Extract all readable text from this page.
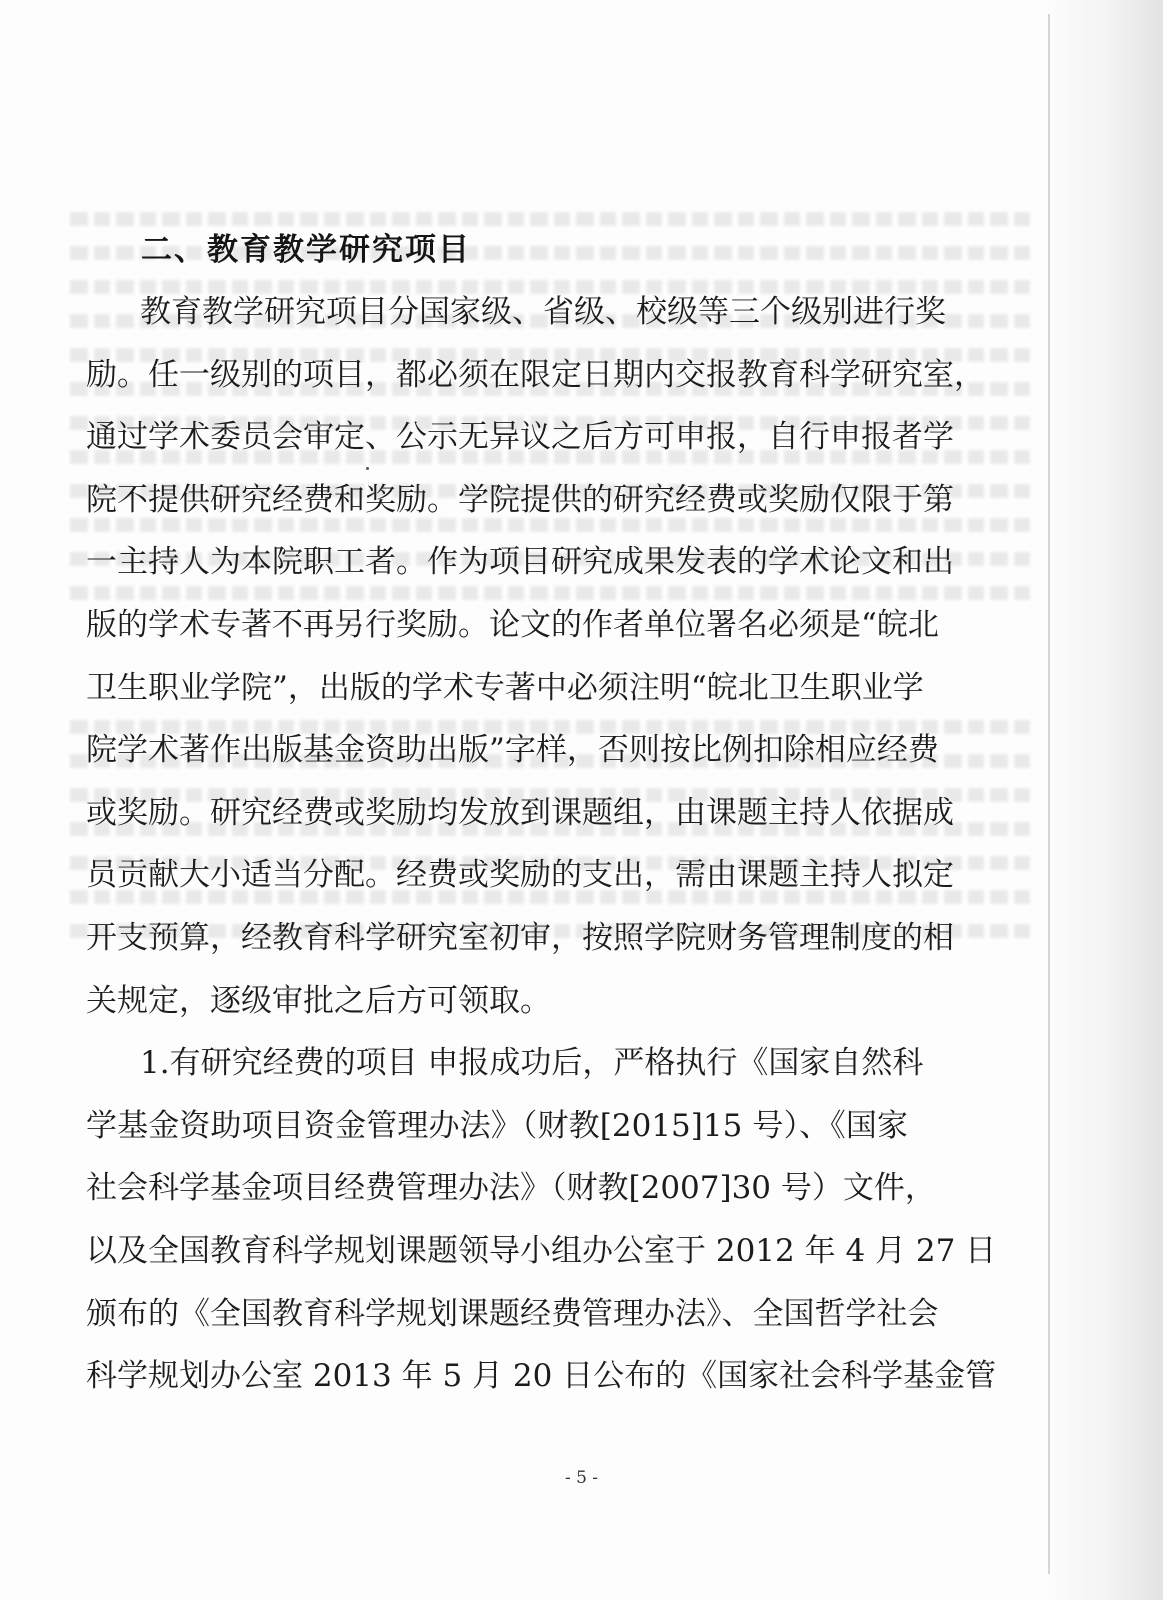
二、教育教学研究项目
教育教学研究项目分国家级、省级、校级等三个级别进行奖
励。任一级别的项目，都必须在限定日期内交报教育科学研究室，
通过学术委员会审定、公示无异议之后方可申报，自行申报者学
院不提供研究经费和奖励。学院提供的研究经费或奖励仅限于第
一主持人为本院职工者。作为项目研究成果发表的学术论文和出
版的学术专著不再另行奖励。论文的作者单位署名必须是“皖北
卫生职业学院”，出版的学术专著中必须注明“皖北卫生职业学
院学术著作出版基金资助出版”字样，否则按比例扣除相应经费
或奖励。研究经费或奖励均发放到课题组，由课题主持人依据成
员贡献大小适当分配。经费或奖励的支出，需由课题主持人拟定
开支预算，经教育科学研究室初审，按照学院财务管理制度的相
关规定，逐级审批之后方可领取。
1.有研究经费的项目 申报成功后，严格执行《国家自然科
学基金资助项目资金管理办法》（财教[2015]15 号）、《国家
社会科学基金项目经费管理办法》（财教[2007]30 号）文件，
以及全国教育科学规划课题领导小组办公室于 2012 年 4 月 27 日
颁布的《全国教育科学规划课题经费管理办法》、全国哲学社会
科学规划办公室 2013 年 5 月 20 日公布的《国家社会科学基金管
- 5 -
